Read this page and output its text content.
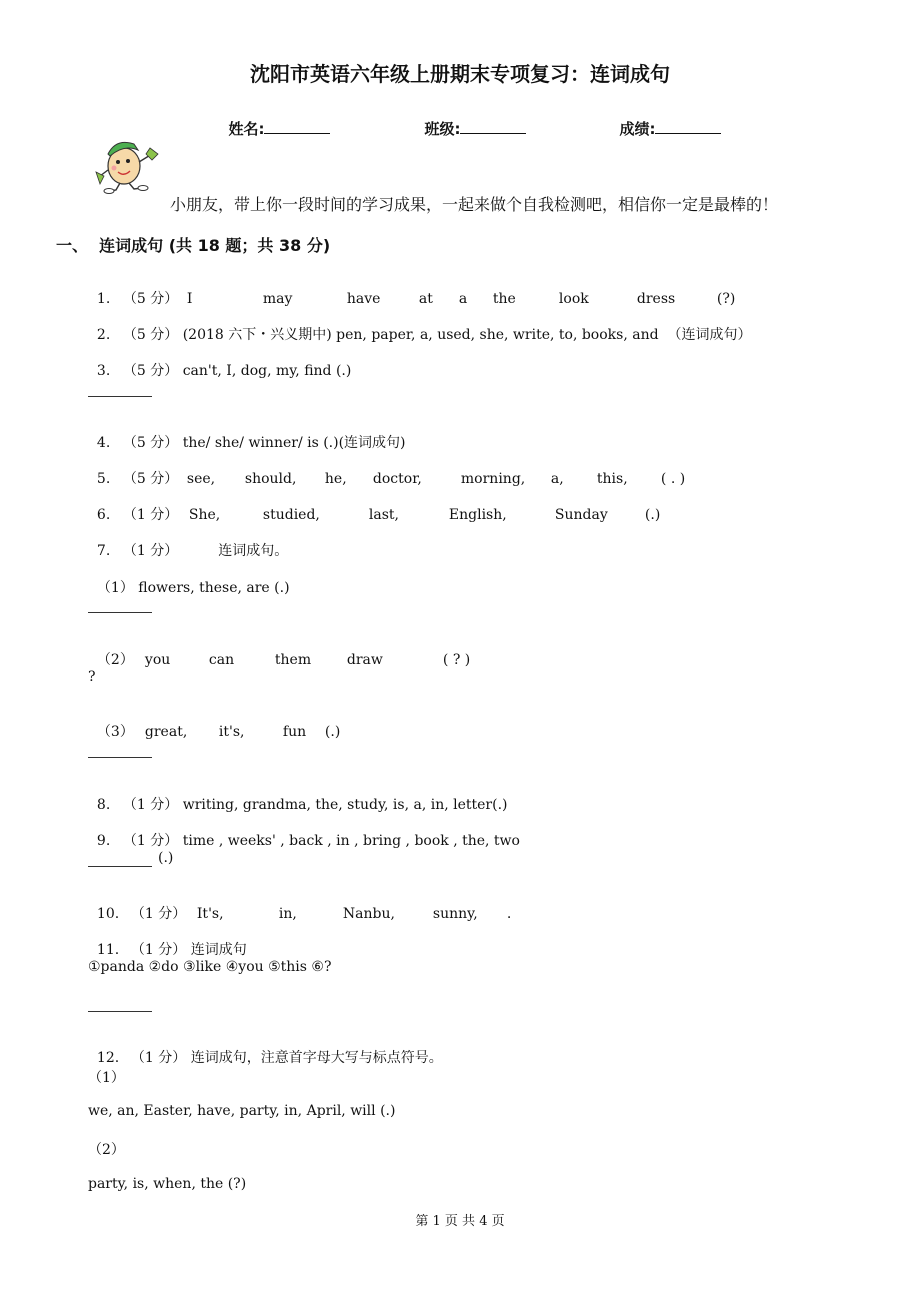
沈阳市英语六年级上册期末专项复习：连词成句

姓名:	班级:	成绩:

小朋友，带上你一段时间的学习成果，一起来做个自我检测吧，相信你一定是最棒的！
一、  连词成句 (共 18 题；共 38 分)

1. （5 分） I	may	have	at a the	look	dress	(?)

2. （5 分） (2018 六下・兴义期中) pen, paper, a, used, she, write, to, books, and  （连词成句）

3. （5 分） can't, I, dog, my, find (.)

4. （5 分） the/ she/ winner/ is (.)(连词成句)

5. （5 分） see, should, he, doctor,	morning, a, this, ( . )

6. （1 分） She,	studied,	last,	English,	Sunday	(.)

7. （1 分）	连词成句。

（1） flowers, these, are (.)

（2） you	can	them	draw	( ? )

?

（3） great, it's,	fun (.)

8. （1 分） writing, grandma, the, study, is, a, in, letter(.)

9. （1 分） time , weeks' , back , in , bring , book , the, two

(.)

10. （1 分） It's,	in,	Nanbu,	sunny, .

11. （1 分） 连词成句

①panda ②do ③like ④you ⑤this ⑥?

12. （1 分） 连词成句，注意首字母大写与标点符号。

（1）
we, an, Easter, have, party, in, April, will (.)
（2）
party, is, when, the (?)
第 1 页 共 4 页
